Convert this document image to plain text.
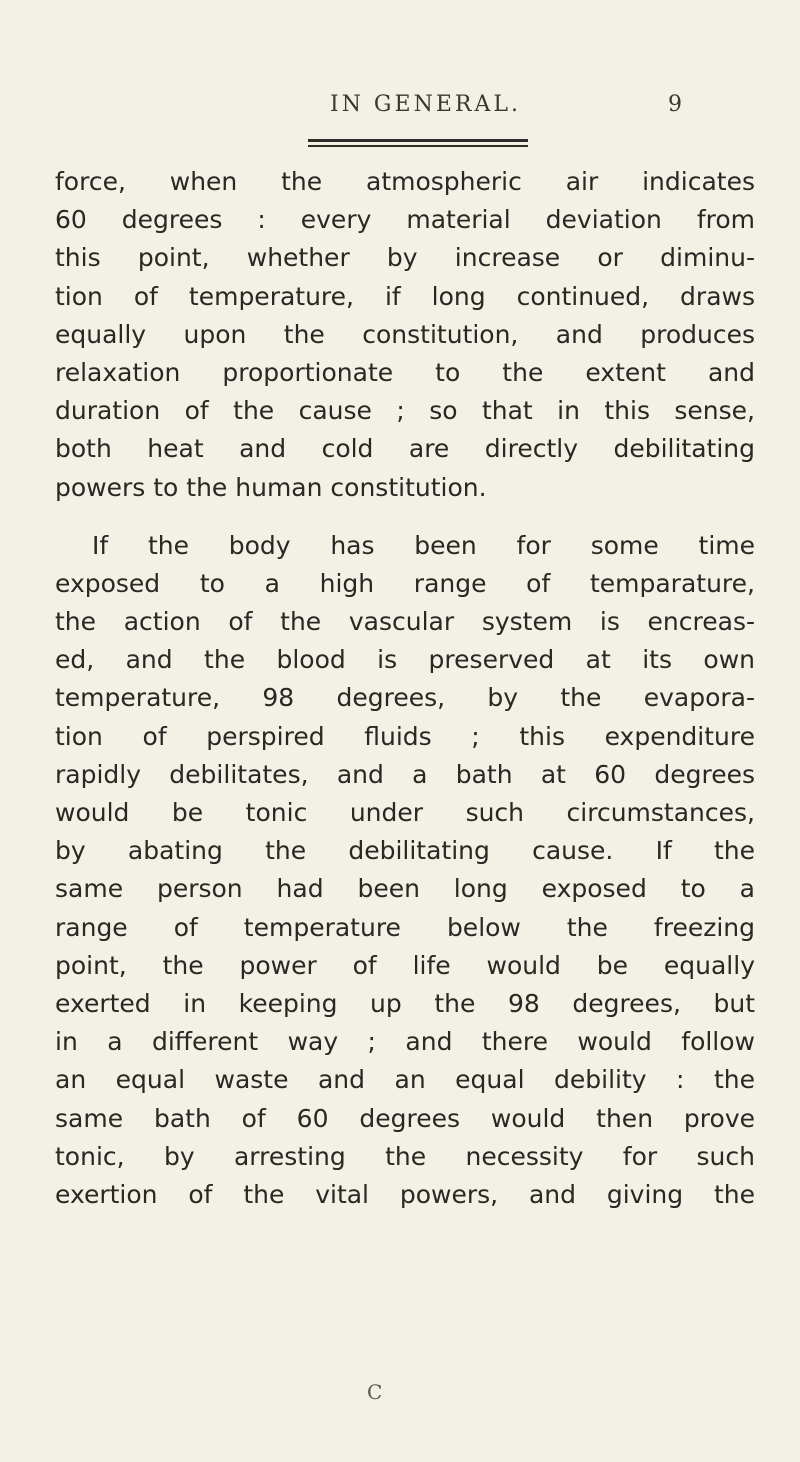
IN GENERAL.	9
force, when the atmospheric air indicates
60 degrees : every material deviation from
this point, whether by increase or diminu-
tion of temperature, if long continued, draws
equally upon the constitution, and produces
relaxation proportionate to the extent and
duration of the cause ; so that in this sense,
both heat and cold are directly debilitating
powers to the human constitution.
If the body has been for some time
exposed to a high range of temparature,
the action of the vascular system is encreas-
ed, and the blood is preserved at its own
temperature, 98 degrees, by the evapora-
tion of perspired fluids ; this expenditure
rapidly debilitates, and a bath at 60 degrees
would be tonic under such circumstances,
by abating the debilitating cause. If the
same person had been long exposed to a
range of temperature below the freezing
point, the power of life would be equally
exerted in keeping up the 98 degrees, but
in a different way ; and there would follow
an equal waste and an equal debility : the
same bath of 60 degrees would then prove
tonic, by arresting the necessity for such
exertion of the vital powers, and giving the
C
